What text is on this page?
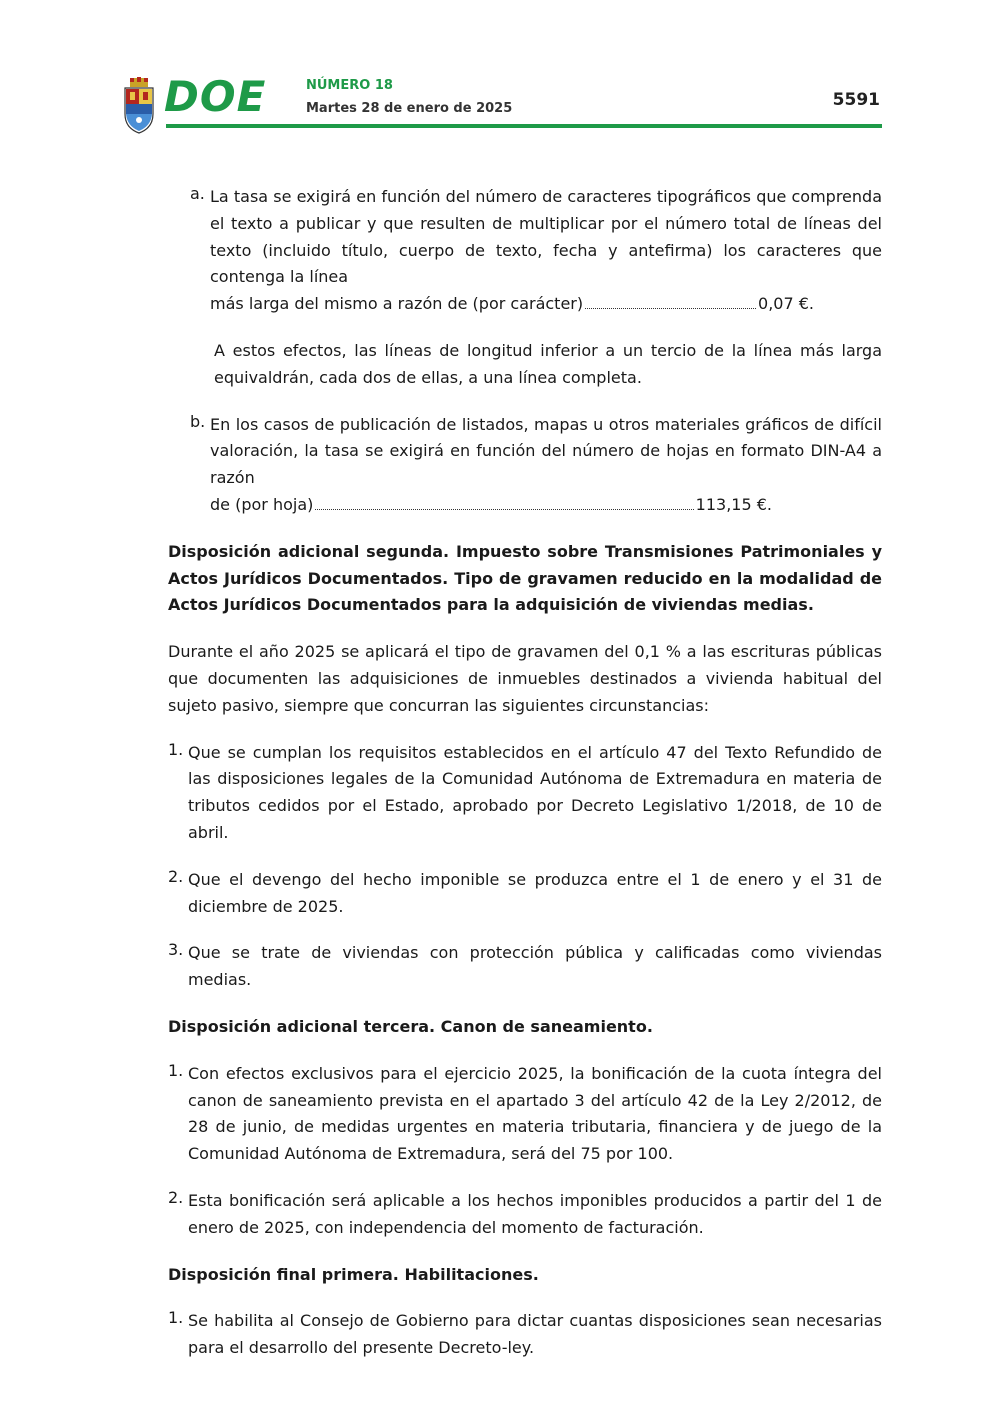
DOE	NÚMERO 18
Martes 28 de enero de 2025	5591
a. La tasa se exigirá en función del número de caracteres tipográficos que comprenda el texto a publicar y que resulten de multiplicar por el número total de líneas del texto (incluido título, cuerpo de texto, fecha y antefirma) los caracteres que contenga la línea

más larga del mismo a razón de (por carácter)	0,07 €.

A estos efectos, las líneas de longitud inferior a un tercio de la línea más larga equivaldrán, cada dos de ellas, a una línea completa.

b. En los casos de publicación de listados, mapas u otros materiales gráficos de difícil valoración, la tasa se exigirá en función del número de hojas en formato DIN-A4 a razón

de (por hoja)	113,15 €.

Disposición adicional segunda. Impuesto sobre Transmisiones Patrimoniales y Actos Jurídicos Documentados. Tipo de gravamen reducido en la modalidad de Actos Jurídicos Documentados para la adquisición de viviendas medias.

Durante el año 2025 se aplicará el tipo de gravamen del 0,1 % a las escrituras públicas que documenten las adquisiciones de inmuebles destinados a vivienda habitual del sujeto pasivo, siempre que concurran las siguientes circunstancias:

1. Que se cumplan los requisitos establecidos en el artículo 47 del Texto Refundido de las disposiciones legales de la Comunidad Autónoma de Extremadura en materia de tributos cedidos por el Estado, aprobado por Decreto Legislativo 1/2018, de 10 de abril.

2. Que el devengo del hecho imponible se produzca entre el 1 de enero y el 31 de diciembre de 2025.

3. Que se trate de viviendas con protección pública y calificadas como viviendas medias.

Disposición adicional tercera. Canon de saneamiento.

1. Con efectos exclusivos para el ejercicio 2025, la bonificación de la cuota íntegra del canon de saneamiento prevista en el apartado 3 del artículo 42 de la Ley 2/2012, de 28 de junio, de medidas urgentes en materia tributaria, financiera y de juego de la Comunidad Autónoma de Extremadura, será del 75 por 100.

2. Esta bonificación será aplicable a los hechos imponibles producidos a partir del 1 de enero de 2025, con independencia del momento de facturación.

Disposición final primera. Habilitaciones.

1. Se habilita al Consejo de Gobierno para dictar cuantas disposiciones sean necesarias para el desarrollo del presente Decreto-ley.
